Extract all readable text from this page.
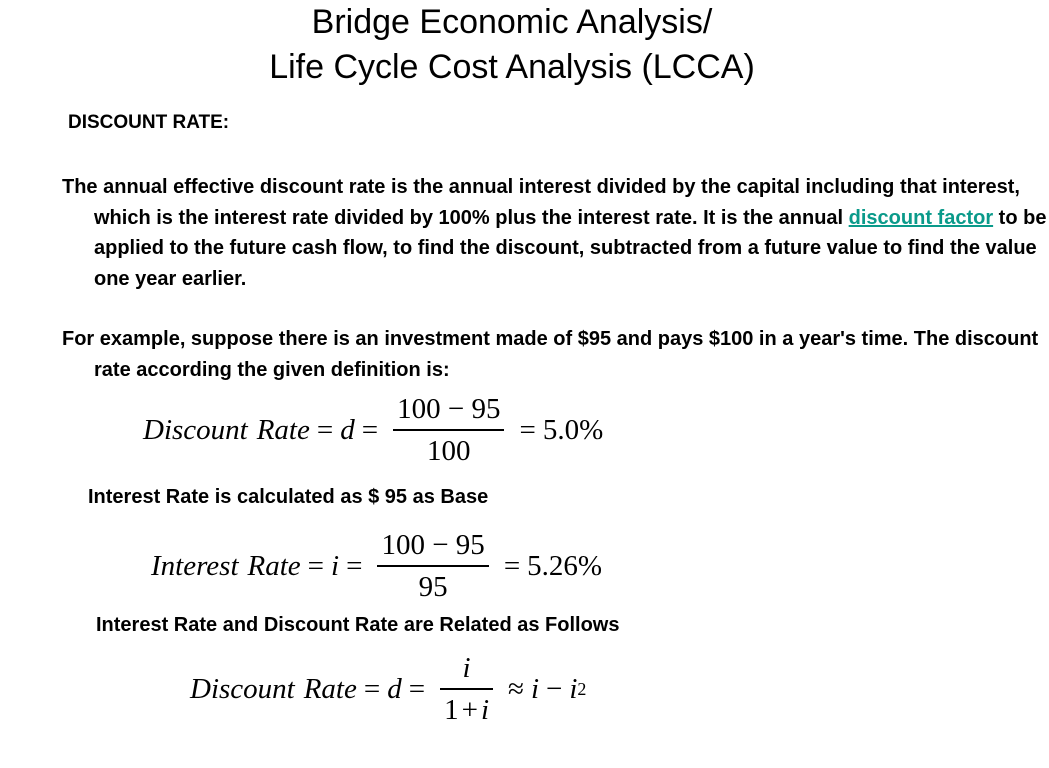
Bridge Economic Analysis/
Life Cycle Cost Analysis (LCCA)
DISCOUNT RATE:
The annual effective discount rate is the annual interest divided by the capital including that interest, which is the interest rate divided by 100% plus the interest rate. It is the annual discount factor to be applied to the future cash flow, to find the discount, subtracted from a future value to find the value one year earlier.
For example, suppose there is an investment made of $95 and pays $100 in a year's time. The discount rate according the given definition is:
Discount Rate = $d = \frac{100 - 95}{100} = 5.0\%$
Interest Rate is calculated as $ 95 as Base
Interest Rate = $i = \frac{100 - 95}{95} = 5.26\%$
Interest Rate and Discount Rate are Related as Follows
Discount Rate = $d = \frac{i}{1 + i} \approx i - i$ 2
